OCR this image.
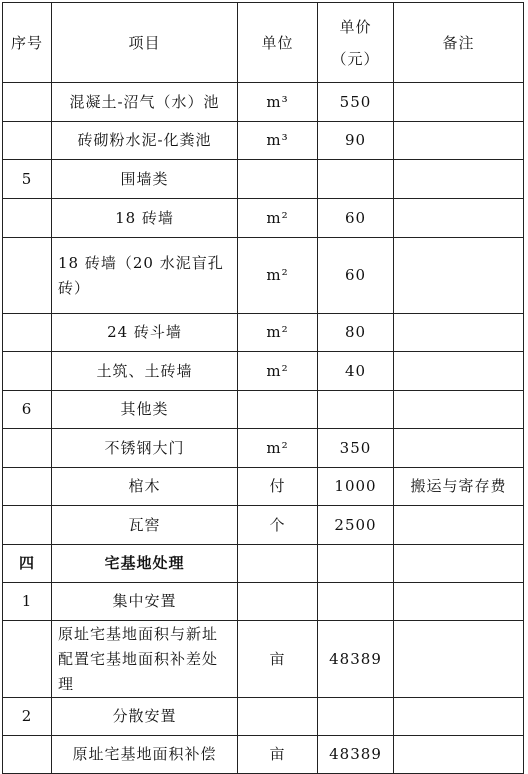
序号	项目	单位	单价（元）	备注
	混凝土-沼气（水）池	m³	550	
	砖砌粉水泥-化粪池	m³	90	
5	围墙类			
	18 砖墙	m²	60	
	18 砖墙（20 水泥盲孔砖）	m²	60	
	24 砖斗墙	m²	80	
	土筑、土砖墙	m²	40	
6	其他类			
	不锈钢大门	m²	350	
	棺木	付	1000	搬运与寄存费
	瓦窖	个	2500	
四	宅基地处理			
1	集中安置			
	原址宅基地面积与新址配置宅基地面积补差处理	亩	48389	
2	分散安置			
	原址宅基地面积补偿	亩	48389	
